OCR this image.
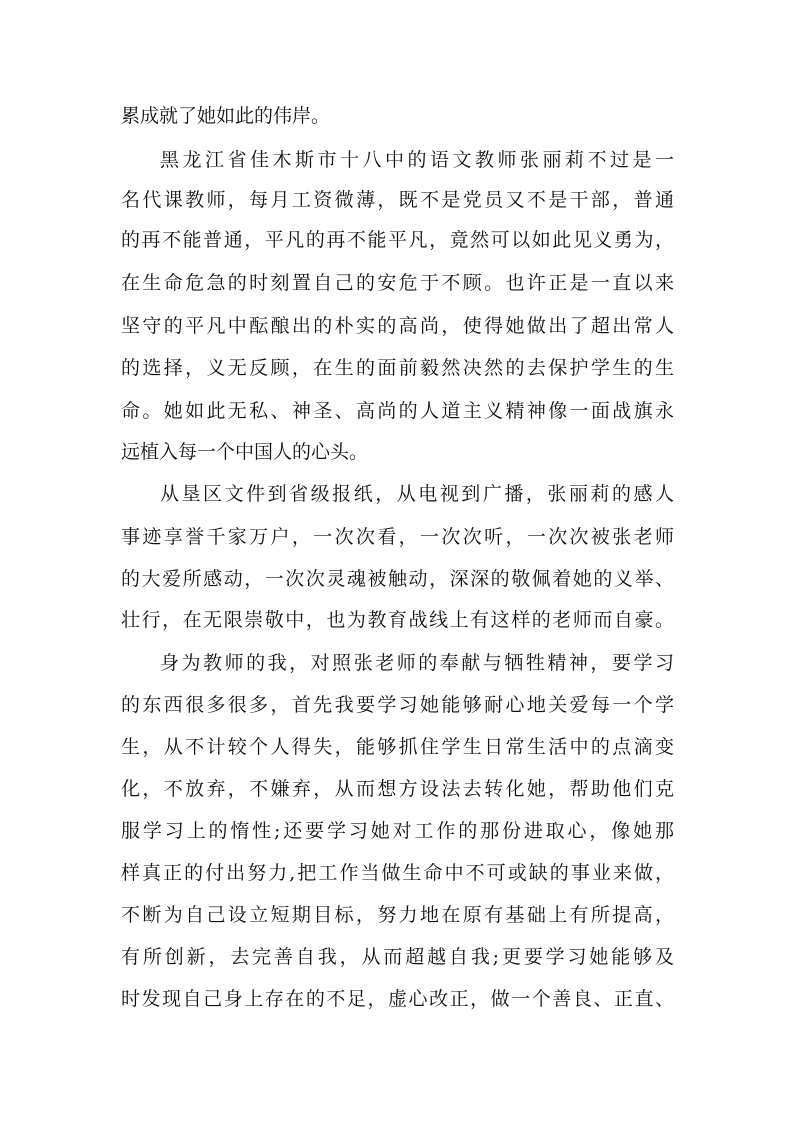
累成就了她如此的伟岸。
黑龙江省佳木斯市十八中的语文教师张丽莉不过是一
名代课教师，每月工资微薄，既不是党员又不是干部，普通
的再不能普通，平凡的再不能平凡，竟然可以如此见义勇为，
在生命危急的时刻置自己的安危于不顾。也许正是一直以来
坚守的平凡中酝酿出的朴实的高尚，使得她做出了超出常人
的选择，义无反顾，在生的面前毅然决然的去保护学生的生
命。她如此无私、神圣、高尚的人道主义精神像一面战旗永
远植入每一个中国人的心头。
从垦区文件到省级报纸，从电视到广播，张丽莉的感人
事迹享誉千家万户，一次次看，一次次听，一次次被张老师
的大爱所感动，一次次灵魂被触动，深深的敬佩着她的义举、
壮行，在无限崇敬中，也为教育战线上有这样的老师而自豪。
身为教师的我，对照张老师的奉献与牺牲精神，要学习
的东西很多很多，首先我要学习她能够耐心地关爱每一个学
生，从不计较个人得失，能够抓住学生日常生活中的点滴变
化，不放弃，不嫌弃，从而想方设法去转化她，帮助他们克
服学习上的惰性;还要学习她对工作的那份进取心，像她那
样真正的付出努力,把工作当做生命中不可或缺的事业来做，
不断为自己设立短期目标，努力地在原有基础上有所提高，
有所创新，去完善自我，从而超越自我;更要学习她能够及
时发现自己身上存在的不足，虚心改正，做一个善良、正直、
